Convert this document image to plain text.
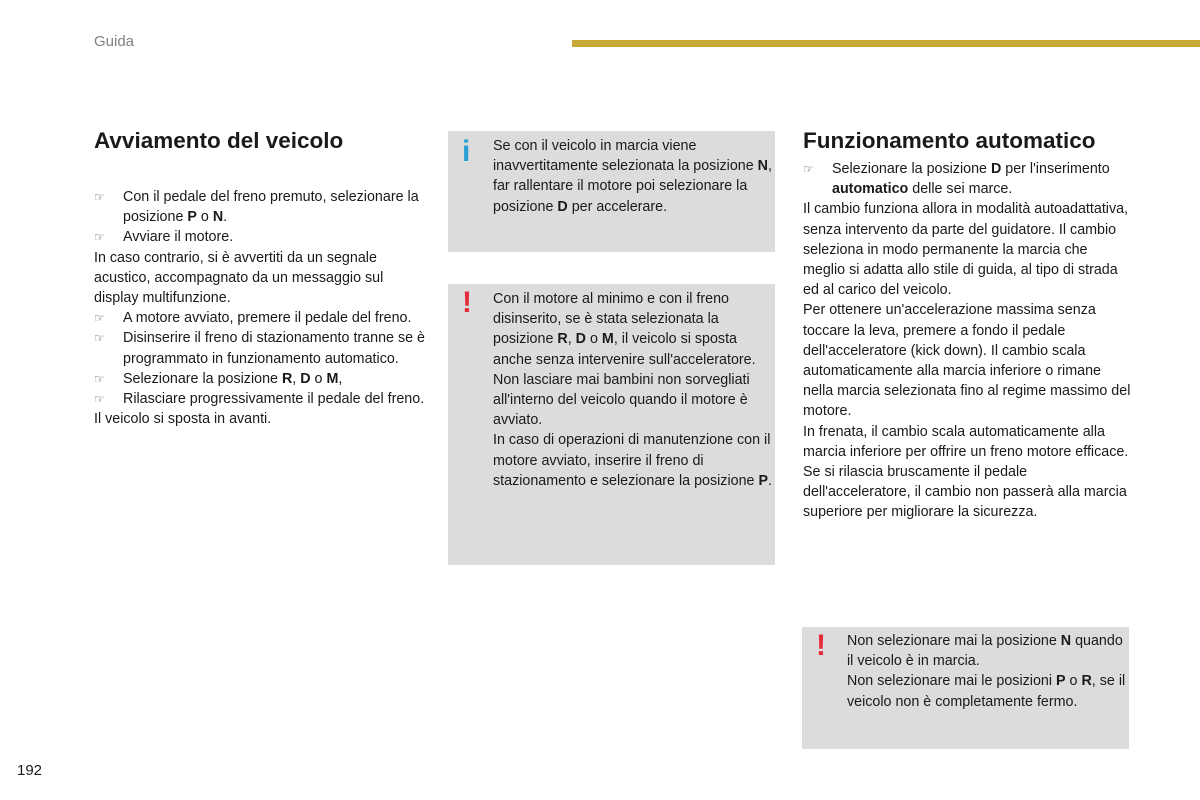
Guida
Avviamento del veicolo

☞ Con il pedale del freno premuto, selezionare la posizione P o N.

☞ Avviare il motore.

In caso contrario, si è avvertiti da un segnale acustico, accompagnato da un messaggio sul display multifunzione.

☞ A motore avviato, premere il pedale del freno.

☞ Disinserire il freno di stazionamento tranne se è programmato in funzionamento automatico.

☞ Selezionare la posizione R, D o M,

☞ Rilasciare progressivamente il pedale del freno.

Il veicolo si sposta in avanti.

i Se con il veicolo in marcia viene inavvertitamente selezionata la posizione N, far rallentare il motore poi selezionare la posizione D per accelerare.

! Con il motore al minimo e con il freno disinserito, se è stata selezionata la posizione R, D o M, il veicolo si sposta anche senza intervenire sull'acceleratore.

Non lasciare mai bambini non sorvegliati all'interno del veicolo quando il motore è avviato.

In caso di operazioni di manutenzione con il motore avviato, inserire il freno di stazionamento e selezionare la posizione P.

Funzionamento automatico

☞ Selezionare la posizione D per l'inserimento automatico delle sei marce.

Il cambio funziona allora in modalità autoadattativa, senza intervento da parte del guidatore. Il cambio seleziona in modo permanente la marcia che meglio si adatta allo stile di guida, al tipo di strada ed al carico del veicolo.

Per ottenere un'accelerazione massima senza toccare la leva, premere a fondo il pedale dell'acceleratore (kick down). Il cambio scala automaticamente alla marcia inferiore o rimane nella marcia selezionata fino al regime massimo del motore.

In frenata, il cambio scala automaticamente alla marcia inferiore per offrire un freno motore efficace.

Se si rilascia bruscamente il pedale dell'acceleratore, il cambio non passerà alla marcia superiore per migliorare la sicurezza.

! Non selezionare mai la posizione N quando il veicolo è in marcia.

Non selezionare mai le posizioni P o R, se il veicolo non è completamente fermo.

192
